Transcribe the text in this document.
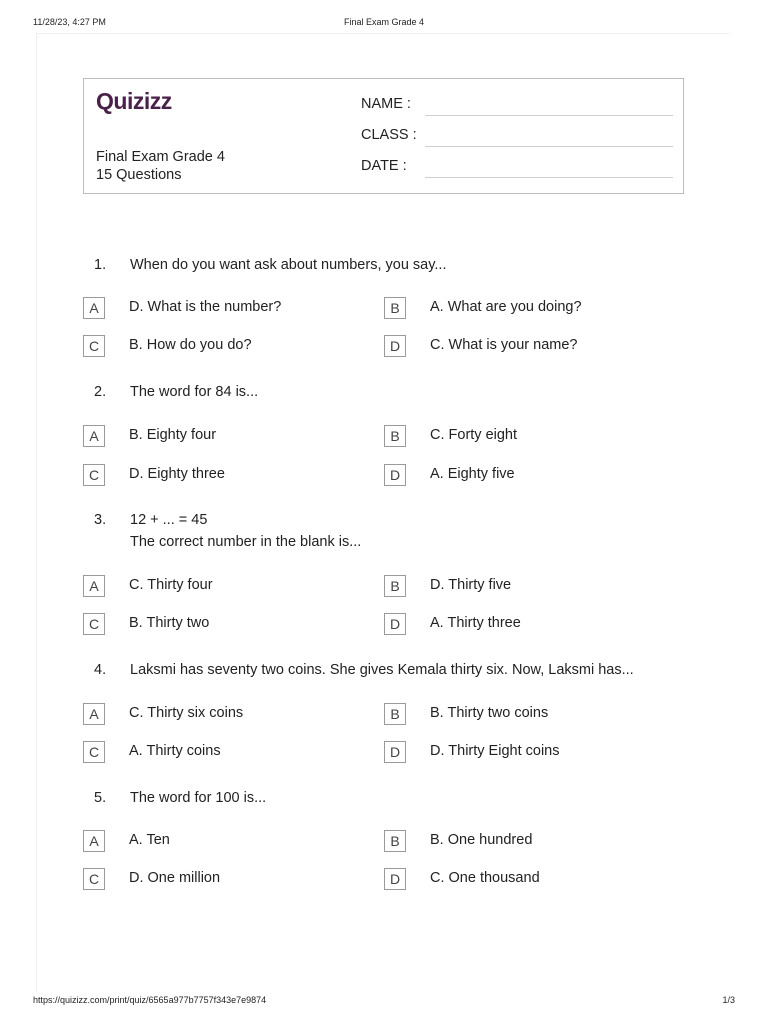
11/28/23, 4:27 PM	Final Exam Grade 4
Quizizz
Final Exam Grade 4
15 Questions
NAME :
CLASS :
DATE :
1. When do you want ask about numbers, you say...
A	D. What is the number?	B	A. What are you doing?
C	B. How do you do?	D	C. What is your name?
2. The word for 84 is...
A	B. Eighty four	B	C. Forty eight
C	D. Eighty three	D	A. Eighty five
3. 12 + ... = 45
The correct number in the blank is...
A	C. Thirty four	B	D. Thirty five
C	B. Thirty two	D	A. Thirty three
4. Laksmi has seventy two coins. She gives Kemala thirty six. Now, Laksmi has...
A	C. Thirty six coins	B	B. Thirty two coins
C	A. Thirty coins	D	D. Thirty Eight coins
5. The word for 100 is...
A	A. Ten	B	B. One hundred
C	D. One million	D	C. One thousand
https://quizizz.com/print/quiz/6565a977b7757f343e7e9874	1/3
